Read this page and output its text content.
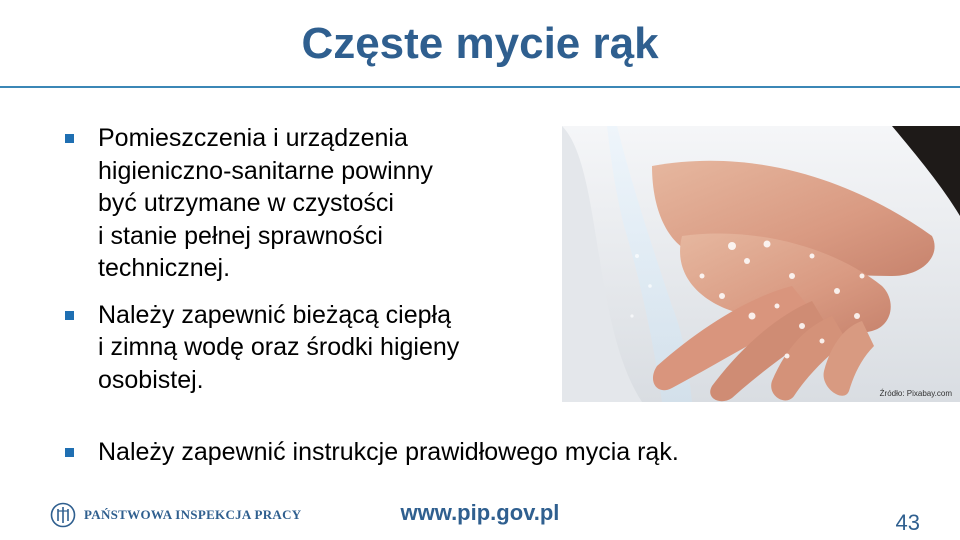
Częste mycie rąk
Pomieszczenia i urządzenia
higieniczno-sanitarne powinny
być utrzymane w czystości
i stanie pełnej sprawności
technicznej.
Należy zapewnić bieżącą ciepłą
i zimną wodę oraz środki higieny
osobistej.
Należy zapewnić instrukcje prawidłowego mycia rąk.
Źródło: Pixabay.com
PAŃSTWOWA INSPEKCJA PRACY	www.pip.gov.pl	43
